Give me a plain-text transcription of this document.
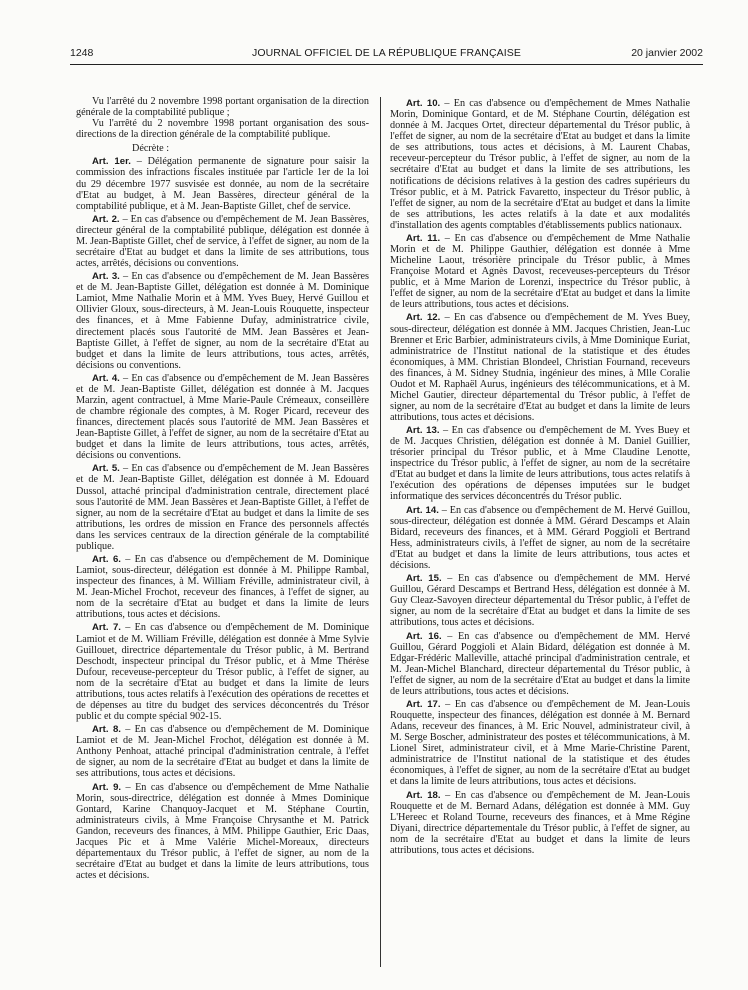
1248	JOURNAL OFFICIEL DE LA RÉPUBLIQUE FRANÇAISE	20 janvier 2002

Vu l'arrêté du 2 novembre 1998 portant organisation de la direction générale de la comptabilité publique ;

Vu l'arrêté du 2 novembre 1998 portant organisation des sous-directions de la direction générale de la comptabilité publique.

Décrète :

Art. 1er. – Délégation permanente de signature pour saisir la commission des infractions fiscales instituée par l'article 1er de la loi du 29 décembre 1977 susvisée est donnée, au nom de la secrétaire d'Etat au budget, à M. Jean Bassères, directeur général de la comptabilité publique, et à M. Jean-Baptiste Gillet, chef de service.

Art. 2. – En cas d'absence ou d'empêchement de M. Jean Bassères, directeur général de la comptabilité publique, délégation est donnée à M. Jean-Baptiste Gillet, chef de service, à l'effet de signer, au nom de la secrétaire d'Etat au budget et dans la limite de ses attributions, tous actes, arrêtés, décisions ou conventions.

Art. 3. – En cas d'absence ou d'empêchement de M. Jean Bassères et de M. Jean-Baptiste Gillet, délégation est donnée à M. Dominique Lamiot, Mme Nathalie Morin et à MM. Yves Buey, Hervé Guillou et Ollivier Gloux, sous-directeurs, à M. Jean-Louis Rouquette, inspecteur des finances, et à Mme Fabienne Dufay, administratrice civile, directement placés sous l'autorité de MM. Jean Bassères et Jean-Baptiste Gillet, à l'effet de signer, au nom de la secrétaire d'Etat au budget et dans la limite de leurs attributions, tous actes, arrêtés, décisions ou conventions.

Art. 4. – En cas d'absence ou d'empêchement de M. Jean Bassères et de M. Jean-Baptiste Gillet, délégation est donnée à M. Jacques Marzin, agent contractuel, à Mme Marie-Paule Crémeaux, conseillère de chambre régionale des comptes, à M. Roger Picard, receveur des finances, directement placés sous l'autorité de MM. Jean Bassères et Jean-Baptiste Gillet, à l'effet de signer, au nom de la secrétaire d'Etat au budget et dans la limite de leurs attributions, tous actes, arrêtés, décisions ou conventions.

Art. 5. – En cas d'absence ou d'empêchement de M. Jean Bassères et de M. Jean-Baptiste Gillet, délégation est donnée à M. Edouard Dussol, attaché principal d'administration centrale, directement placé sous l'autorité de MM. Jean Bassères et Jean-Baptiste Gillet, à l'effet de signer, au nom de la secrétaire d'Etat au budget et dans la limite de ses attributions, les ordres de mission en France des personnels affectés dans les services centraux de la direction générale de la comptabilité publique.

Art. 6. – En cas d'absence ou d'empêchement de M. Dominique Lamiot, sous-directeur, délégation est donnée à M. Philippe Rambal, inspecteur des finances, à M. William Fréville, administrateur civil, à M. Jean-Michel Frochot, receveur des finances, à l'effet de signer, au nom de la secrétaire d'Etat au budget et dans la limite de leurs attributions, tous actes et décisions.

Art. 7. – En cas d'absence ou d'empêchement de M. Dominique Lamiot et de M. William Fréville, délégation est donnée à Mme Sylvie Guillouet, directrice départementale du Trésor public, à M. Bertrand Deschodt, inspecteur principal du Trésor public, et à Mme Thérèse Dufour, receveuse-percepteur du Trésor public, à l'effet de signer, au nom de la secrétaire d'Etat au budget et dans la limite de leurs attributions, tous actes relatifs à l'exécution des opérations de recettes et de dépenses au titre du budget des services déconcentrés du Trésor public et du compte spécial 902-15.

Art. 8. – En cas d'absence ou d'empêchement de M. Dominique Lamiot et de M. Jean-Michel Frochot, délégation est donnée à M. Anthony Penhoat, attaché principal d'administration centrale, à l'effet de signer, au nom de la secrétaire d'Etat au budget et dans la limite de ses attributions, tous actes et décisions.

Art. 9. – En cas d'absence ou d'empêchement de Mme Nathalie Morin, sous-directrice, délégation est donnée à Mmes Dominique Gontard, Karine Chanquoy-Jacquet et M. Stéphane Courtin, administrateurs civils, à Mme Françoise Chrysanthe et M. Patrick Gandon, receveurs des finances, à MM. Philippe Gauthier, Eric Daas, Jacques Pic et à Mme Valérie Michel-Moreaux, directeurs départementaux du Trésor public, à l'effet de signer, au nom de la secrétaire d'Etat au budget et dans la limite de leurs attributions, tous actes et décisions.

Art. 10. – En cas d'absence ou d'empêchement de Mmes Nathalie Morin, Dominique Gontard, et de M. Stéphane Courtin, délégation est donnée à M. Jacques Ortet, directeur départemental du Trésor public, à l'effet de signer, au nom de la secrétaire d'Etat au budget et dans la limite de ses attributions, tous actes et décisions, à M. Laurent Chabas, receveur-percepteur du Trésor public, à l'effet de signer, au nom de la secrétaire d'Etat au budget et dans la limite de ses attributions, les notifications de décisions relatives à la gestion des cadres supérieurs du Trésor public, et à M. Patrick Favaretto, inspecteur du Trésor public, à l'effet de signer, au nom de la secrétaire d'Etat au budget et dans la limite de ses attributions, les actes relatifs à la date et aux modalités d'installation des agents comptables d'établissements publics nationaux.

Art. 11. – En cas d'absence ou d'empêchement de Mme Nathalie Morin et de M. Philippe Gauthier, délégation est donnée à Mme Micheline Laout, trésorière principale du Trésor public, à Mmes Françoise Motard et Agnès Davost, receveuses-percepteurs du Trésor public, et à Mme Marion de Lorenzi, inspectrice du Trésor public, à l'effet de signer, au nom de la secrétaire d'Etat au budget et dans la limite de leurs attributions, tous actes et décisions.

Art. 12. – En cas d'absence ou d'empêchement de M. Yves Buey, sous-directeur, délégation est donnée à MM. Jacques Christien, Jean-Luc Brenner et Eric Barbier, administrateurs civils, à Mme Dominique Euriat, administratrice de l'Institut national de la statistique et des études économiques, à MM. Christian Blondeel, Christian Fournand, receveurs des finances, à M. Sidney Studnia, ingénieur des mines, à Mlle Coralie Oudot et M. Raphaël Aurus, ingénieurs des télécommunications, et à M. Michel Gautier, directeur départemental du Trésor public, à l'effet de signer, au nom de la secrétaire d'Etat au budget et dans la limite de leurs attributions, tous actes et décisions.

Art. 13. – En cas d'absence ou d'empêchement de M. Yves Buey et de M. Jacques Christien, délégation est donnée à M. Daniel Guillier, trésorier principal du Trésor public, et à Mme Claudine Lenotte, inspectrice du Trésor public, à l'effet de signer, au nom de la secrétaire d'Etat au budget et dans la limite de leurs attributions, tous actes relatifs à l'exécution des opérations de dépenses imputées sur le budget informatique des services déconcentrés du Trésor public.

Art. 14. – En cas d'absence ou d'empêchement de M. Hervé Guillou, sous-directeur, délégation est donnée à MM. Gérard Descamps et Alain Bidard, receveurs des finances, et à MM. Gérard Poggioli et Bertrand Hess, administrateurs civils, à l'effet de signer, au nom de la secrétaire d'Etat au budget et dans la limite de leurs attributions, tous actes et décisions.

Art. 15. – En cas d'absence ou d'empêchement de MM. Hervé Guillou, Gérard Descamps et Bertrand Hess, délégation est donnée à M. Guy Cleaz-Savoyen directeur départemental du Trésor public, à l'effet de signer, au nom de la secrétaire d'Etat au budget et dans la limite de ses attributions, tous actes et décisions.

Art. 16. – En cas d'absence ou d'empêchement de MM. Hervé Guillou, Gérard Poggioli et Alain Bidard, délégation est donnée à M. Edgar-Frédéric Malleville, attaché principal d'administration centrale, et M. Jean-Michel Blanchard, directeur départemental du Trésor public, à l'effet de signer, au nom de la secrétaire d'Etat au budget et dans la limite de leurs attributions, tous actes et décisions.

Art. 17. – En cas d'absence ou d'empêchement de M. Jean-Louis Rouquette, inspecteur des finances, délégation est donnée à M. Bernard Adans, receveur des finances, à M. Eric Nouvel, administrateur civil, à M. Serge Boscher, administrateur des postes et télécommunications, à M. Lionel Siret, administrateur civil, et à Mme Marie-Christine Parent, administratrice de l'Institut national de la statistique et des études économiques, à l'effet de signer, au nom de la secrétaire d'Etat au budget et dans la limite de leurs attributions, tous actes et décisions.

Art. 18. – En cas d'absence ou d'empêchement de M. Jean-Louis Rouquette et de M. Bernard Adans, délégation est donnée à MM. Guy L'Hereec et Roland Tourne, receveurs des finances, et à Mme Régine Diyani, directrice départementale du Trésor public, à l'effet de signer, au nom de la secrétaire d'Etat au budget et dans la limite de leurs attributions, tous actes et décisions.
